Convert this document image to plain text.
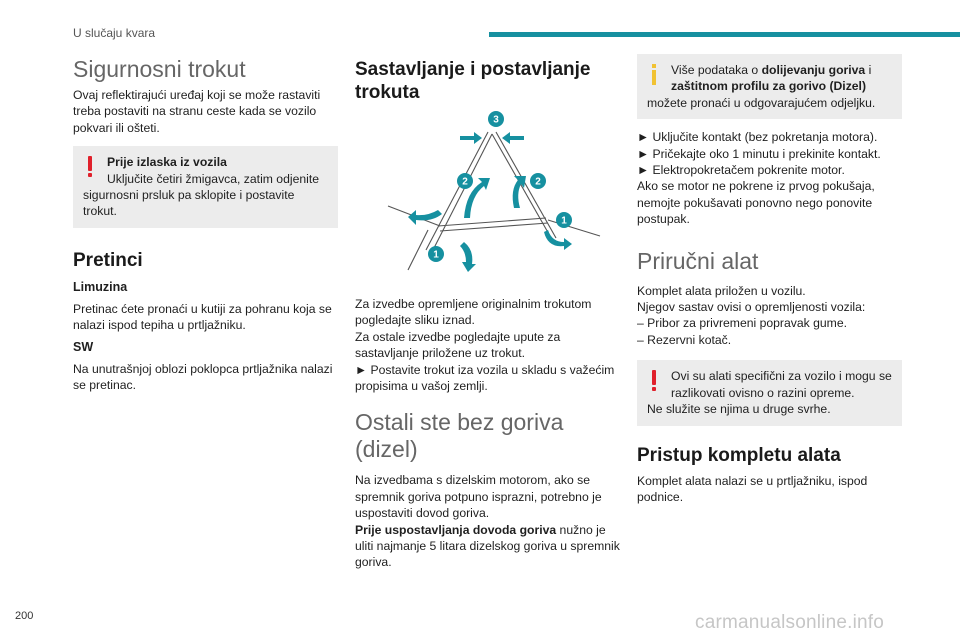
U slučaju kvara
Sigurnosni trokut

Ovaj reflektirajući uređaj koji se može rastaviti treba postaviti na stranu ceste kada se vozilo pokvari ili ošteti.

Prije izlaska iz vozila

Uključite četiri žmigavca, zatim odjenite

sigurnosni prsluk pa sklopite i postavite trokut.

Pretinci

Limuzina

Pretinac ćete pronaći u kutiji za pohranu koja se nalazi ispod tepiha u prtljažniku.

SW

Na unutrašnjoj oblozi poklopca prtljažnika nalazi se pretinac.

Sastavljanje i postavljanje trokuta
3
2	2
1
1

Za izvedbe opremljene originalnim trokutom pogledajte sliku iznad.

Za ostale izvedbe pogledajte upute za sastavljanje priložene uz trokut.

► Postavite trokut iza vozila u skladu s važećim propisima u vašoj zemlji.

Ostali ste bez goriva (dizel)

Na izvedbama s dizelskim motorom, ako se spremnik goriva potpuno isprazni, potrebno je uspostaviti dovod goriva.

Prije uspostavljanja dovoda goriva nužno je uliti najmanje 5 litara dizelskog goriva u spremnik goriva.

Više podataka o dolijevanju goriva i

zaštitnom profilu za gorivo (Dizel)

možete pronaći u odgovarajućem odjeljku.

► Uključite kontakt (bez pokretanja motora).

► Pričekajte oko 1 minutu i prekinite kontakt.

► Elektropokretačem pokrenite motor.

Ako se motor ne pokrene iz prvog pokušaja, nemojte pokušavati ponovno nego ponovite postupak.

Priručni alat

Komplet alata priložen u vozilu.

Njegov sastav ovisi o opremljenosti vozila:

– Pribor za privremeni popravak gume.

– Rezervni kotač.

Ovi su alati specifični za vozilo i mogu se

razlikovati ovisno o razini opreme.

Ne služite se njima u druge svrhe.

Pristup kompletu alata

Komplet alata nalazi se u prtljažniku, ispod podnice.

200	carmanualsonline.info
